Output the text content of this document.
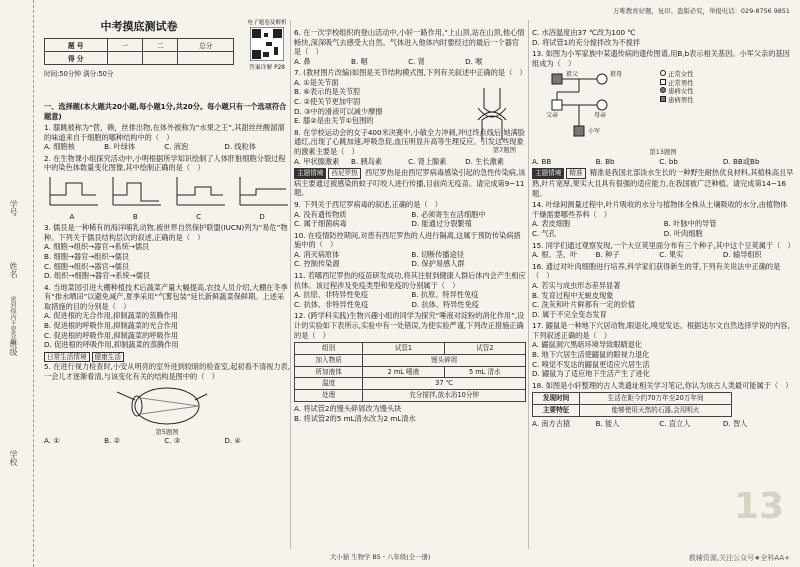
学号
姓名
密封线内不要答题
班级
学校
万唯教育好题，复印、盗版必究，举报电话：029-8756 9851
中考摸底测试卷
题 号	一	二	总分
得 分			
时间:50分钟 满分:50分
电子题卷及解析
答案详解 P28
一、选择题(本大题共20小题,每小题1分,共20分。每小题只有一个选项符合题意)
1. 膝跳被称为“营，赖，丝排出物,在体外被称为“水果之王”,其甜丝丝酸溜溜的味道来自于细胞的哪种结构中的（　）
A. 细胞核	B. 叶绿体	C. 液泡	D. 线粒体
2. 在生物课小组探究活动中,小明根据所学知识绘制了人体肝脏细胞分裂过程中的染色体数量变化图像,其中绘制正确的是（　）
A	B	C	D
3. 儒艮是一种稀有的海洋哺乳动物,被世界自然保护联盟(IUCN)列为“易危”物种。下列关于儒艮结构层次的叙述,正确的是（　）
A. 细胞→组织→器官→系统→儒艮
B. 细胞→器官→组织→儒艮
C. 细胞→组织→器官→儒艮
D. 组织→细胞→器官→系统→儒艮
4. 当地菜园引进大棚种植技术后蔬菜产量大幅提高,农技人员介绍,大棚在冬季有“排水晒田”以避免减产,夏季采用“气雾包装”延长新鲜蔬菜保鲜期。上述采取措施的目的分别是（　）
A. 促进根的无合作用,抑制蔬菜的蒸腾作用
B. 促进根的呼吸作用,抑制蔬菜的光合作用
C. 促进根的呼吸作用,抑制蔬菜的呼吸作用
D. 促进根的呼吸作用,抑制蔬菜的蒸腾作用
日常生活情境 健康生活
5. 在进行视力检查时,小安从明亮的室外进到较暗的检查室,起初看不清视力表,一会儿才逐渐看清,与该变化有关的结构是图中的（　）
第5题图
A. ①	B. ②	C. ③	D. ④
6. 在一次学校组织的登山活动中,小轩一路作用,“上山顶,站在山顶,他心情畅快,深深吸气去感受大自然。气体进入他体内时要经过的最后一个器官是（　）
A. 鼻	B. 咽	C. 肾	D. 喉
7. (教材图片改编)如图是关节结构模式图,下列有关叙述中正确的是（　）
A. ①是关节面
B. ⑥表示的是关节腔
C. ②使关节更加牢固
D. ③中的滑液可以减少摩擦
E. 膝②是由关节①包围的
第7题图
8. 在学校运动会的女子400米决赛中,小敏全力冲刺,冲过终点线后,她满脸通红,出现了心跳加速,呼吸急促,血压明显升高等生理反应。引发这些现象的激素主要是（　）
A. 甲状腺激素	B. 胰岛素	C. 肾上腺素	D. 生长激素
主题情境 西尼罗热 西尼罗热是由西尼罗病毒感染引起的急性传染病,该病主要通过被感染的蚊子叮咬人进行传播,目前尚无疫苗。请完成第9~11题。
9. 下列关于西尼罗病毒的叙述,正确的是（　）
A. 没有遗传物质	B. 必须寄生在活细胞中
C. 属于细菌病毒	D. 能通过分裂繁殖
10. 在疫情防控期间,对患有西尼罗热的人进行隔离,这属于预防传染病措施中的（　）
A. 消灭病原体	B. 切断传播途径
C. 控制传染源	D. 保护易感人群
11. 若哪西尼罗热的疫苗研发成功,将其注射到健康人群后体内会产生相应抗体。该过程涉及免疫类型和免疫的分别属于（　）
A. 抗原、非特异性免疫	B. 抗原、特异性免疫
C. 抗体、非特异性免疫	D. 抗体、特异性免疫
12. (跨学科实践)生物兴趣小组的同学为探究“唾液对淀粉的消化作用”,设计的实验如下表所示,实验中有一处错误,为使实验严谨,下列改正措施正确的是（　）
组别	试管1	试管2
加入物质	馒头碎屑	
所加液体	2 mL 唾液	5 mL 清水
温度	37 ℃	
处理	充分搅拌,放水浴10分钟	
A. 将试管2的馒头碎屑改为馒头块
B. 将试管2的5 mL清水改为2 mL清水
大小猫 生物学 BS・八年级(全一册)
C. 水浴温度由37 ℃改为100 ℃
D. 将试管1的充分搅拌改为不搅拌
13. 如图为小军家族中某遗传病的遗传图谱,用B,b表示相关基因。小军父亲的基因组成为（　）
祖父	祖母
父亲	母亲
小军
正常女性
正常男性
患病女性
患病男性
第13题图
A. BB	B. Bb	C. bb	D. BB或Bb
主题情境 精准 精准是我国北部淡水生长的一种野生耐热优良材料,其植株高且早熟,叶片宽厚,果实大且具有很强的适应能力,在我国被广泛种植。请完成第14~16题。
14. 叶绿间测量过程中,叶片吸收的水分与植物体全株从土壤吸收的水分,由植物体干燥需要哪些养料（　）
A. 表皮细胞	B. 叶脉中的导管
C. 气孔	D. 叶肉细胞
15. 同学们通过观察发现,一个大豆荚里面分布有三个种子,其中这个豆荚属于（　）
A. 根、茎、叶	B. 种子	C. 果实	D. 输导组织
16. 通过对叶肉细胞进行培养,科学家们获得新生的芽,下列有关说法中正确的是（　）
A. 若实与成虫形态差异显著
B. 发育过程中无蜕皮现象
C. 洗灰和叶片鲜都有一定的价值
D. 属于不完全变态发育
17. 鼹鼠是一种地下穴居动物,眼退化,嗅觉发达。根据达尔文自然选择学说的内容,下列叙述正确的是（　）
A. 鼹鼠洞穴黑暗环境导致眼睛退化
B. 地下穴居生活使鼹鼠的眼视力退化
C. 嗅觉不发达的鼹鼠更适应穴居生活
D. 鼹鼠为了适应地下生活产生了进化
18. 如图是小轩整理的古人类遗址相关学习笔记,你认为该古人类最可能属于（　）
发现时间	生活在距今约70万年至20万年间
主要特征	能够使用天然的石器,会用明火
A. 南方古猿	B. 能人	C. 直立人	D. 智人
13
教辅资源,关注公众号★全科AA+
